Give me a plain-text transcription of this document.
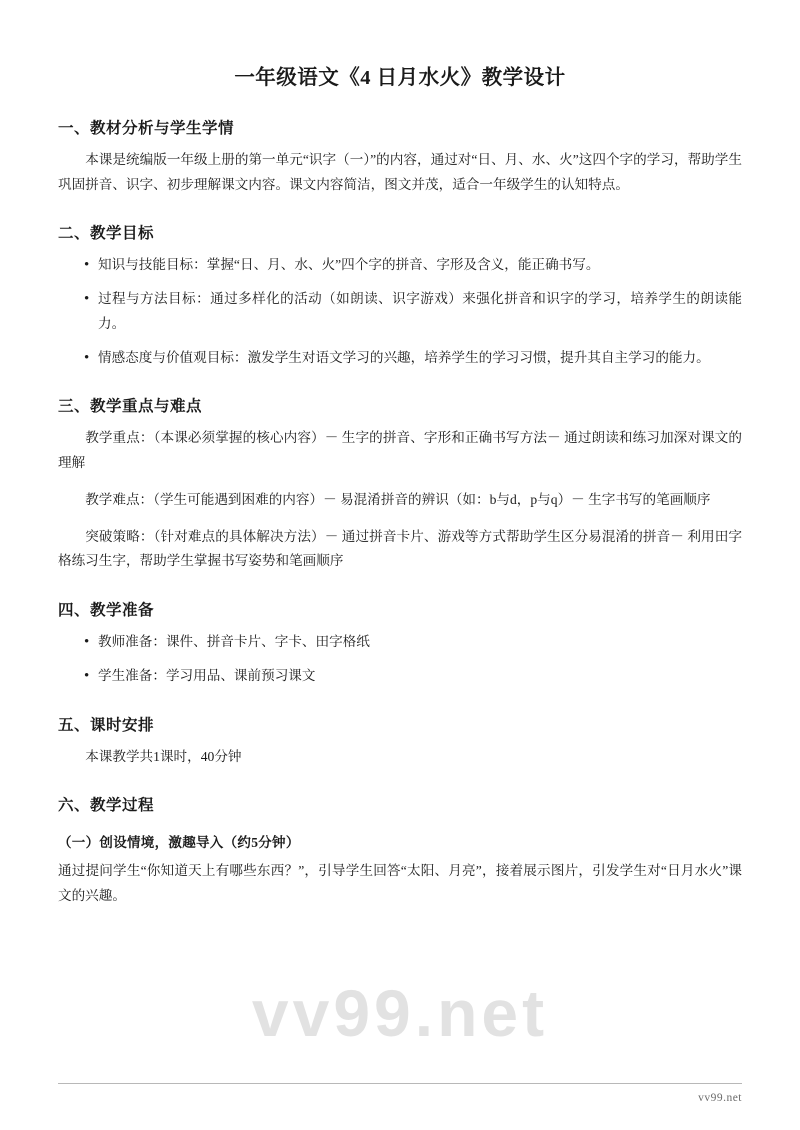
vv99.net
一年级语文《4 日月水火》教学设计
一、教材分析与学生学情

本课是统编版一年级上册的第一单元“识字（一）”的内容，通过对“日、月、水、火”这四个字的学习，帮助学生巩固拼音、识字、初步理解课文内容。课文内容简洁，图文并茂，适合一年级学生的认知特点。

二、教学目标
• 知识与技能目标：掌握“日、月、水、火”四个字的拼音、字形及含义，能正确书写。
• 过程与方法目标：通过多样化的活动（如朗读、识字游戏）来强化拼音和识字的学习，培养学生的朗读能力。
• 情感态度与价值观目标：激发学生对语文学习的兴趣，培养学生的学习习惯，提升其自主学习的能力。
三、教学重点与难点
教学重点：（本课必须掌握的核心内容）－ 生字的拼音、字形和正确书写方法－ 通过朗读和练习加深对课文的理解
教学难点：（学生可能遇到困难的内容）－ 易混淆拼音的辨识（如：b与d，p与q）－ 生字书写的笔画顺序
突破策略：（针对难点的具体解决方法）－ 通过拼音卡片、游戏等方式帮助学生区分易混淆的拼音－ 利用田字格练习生字，帮助学生掌握书写姿势和笔画顺序
四、教学准备
• 教师准备：课件、拼音卡片、字卡、田字格纸
• 学生准备：学习用品、课前预习课文
五、课时安排

本课教学共1课时，40分钟

六、教学过程
（一）创设情境，激趣导入（约5分钟）

通过提问学生“你知道天上有哪些东西？”，引导学生回答“太阳、月亮”，接着展示图片，引发学生对“日月水火”课文的兴趣。

vv99.net
